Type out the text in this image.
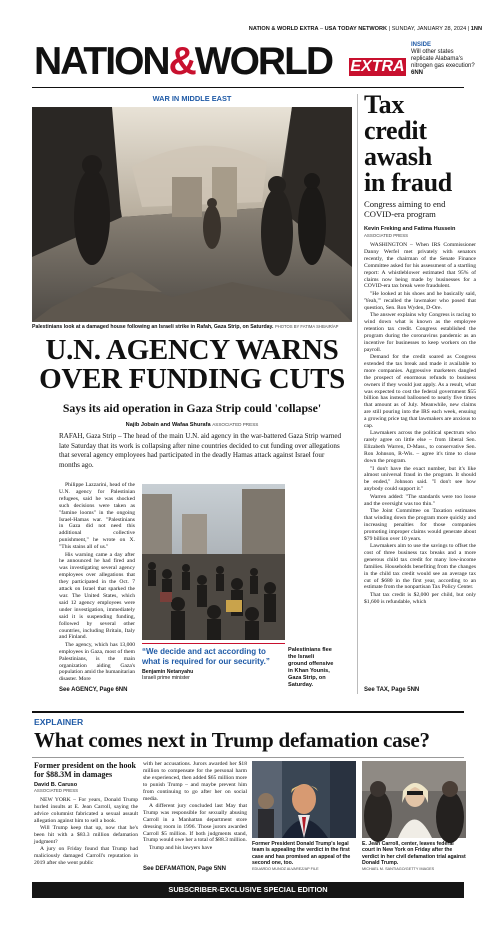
NATION & WORLD EXTRA – USA TODAY NETWORK | SUNDAY, JANUARY 28, 2024 | 1NN
NATION&WORLD EXTRA
INSIDE
Will other states replicate Alabama's nitrogen gas execution?
6NN
WAR IN MIDDLE EAST
Palestinians look at a damaged house following an Israeli strike in Rafah, Gaza Strip, on Saturday. PHOTOS BY FATIMA SHBAIR/AP
U.N. AGENCY WARNS
OVER FUNDING CUTS
Says its aid operation in Gaza Strip could 'collapse'
Najib Jobain and Wafaa Shurafa ASSOCIATED PRESS
RAFAH, Gaza Strip – The head of the main U.N. aid agency in the war-battered Gaza Strip warned late Saturday that its work is collapsing after nine countries decided to cut funding over allegations that several agency employees had participated in the deadly Hamas attack against Israel four months ago.

Philippe Lazzarini, head of the U.N. agency for Palestinian refugees, said he was shocked such decisions were taken as "famine looms" in the ongoing Israel-Hamas war. "Palestinians in Gaza did not need this additional collective punishment," he wrote on X. "This stains all of us."

His warning came a day after he announced he had fired and was investigating several agency employees over allegations that they participated in the Oct. 7 attack on Israel that sparked the war. The United States, which said 12 agency employees were under investigation, immediately said it is suspending funding, followed by several other countries, including Britain, Italy and Finland.

The agency, which has 13,000 employees in Gaza, most of them Palestinians, is the main organization aiding Gaza's population amid the humanitarian disaster. More

See AGENCY, Page 6NN
“We decide and act according to what is required for our security.”
Benjamin Netanyahu
Israeli prime minister
Palestinians flee the Israeli ground offensive in Khan Younis, Gaza Strip, on Saturday.
Tax
credit
awash
in fraud
Congress aiming to end COVID-era program
Kevin Freking and Fatima Hussein
ASSOCIATED PRESS

WASHINGTON – When IRS Commissioner Danny Werfel met privately with senators recently, the chairman of the Senate Finance Committee asked for his assessment of a startling report: A whistleblower estimated that 95% of claims now being made by businesses for a COVID-era tax break were fraudulent.

"He looked at his shoes and he basically said, 'Yeah,'" recalled the lawmaker who posed that question, Sen. Ron Wyden, D-Ore.

The answer explains why Congress is racing to wind down what is known as the employee retention tax credit. Congress established the program during the coronavirus pandemic as an incentive for businesses to keep workers on the payroll.

Demand for the credit soared as Congress extended the tax break and made it available to more companies. Aggressive marketers dangled the prospect of enormous refunds to business owners if they would just apply. As a result, what was expected to cost the federal government $55 billion has instead ballooned to nearly five times that amount as of July. Meanwhile, new claims are still pouring into the IRS each week, ensuing a growing price tag that lawmakers are anxious to cap.

Lawmakers across the political spectrum who rarely agree on little else – from liberal Sen. Elizabeth Warren, D-Mass., to conservative Sen. Ron Johnson, R-Wis. – agree it's time to close down the program.

"I don't have the exact number, but it's like almost universal fraud in the program. It should be ended," Johnson said. "I don't see how anybody could support it."

Warren added: "The standards were too loose and the oversight was too thin."

The Joint Committee on Taxation estimates that winding down the program more quickly and increasing penalties for those companies promoting improper claims would generate about $79 billion over 10 years.

Lawmakers aim to use the savings to offset the cost of three business tax breaks and a more generous child tax credit for many low-income families. Households benefiting from the changes in the child tax credit would see an average tax cut of $680 in the first year, according to an estimate from the nonpartisan Tax Policy Center.

That tax credit is $2,000 per child, but only $1,600 is refundable, which

See TAX, Page 5NN
EXPLAINER
What comes next in Trump defamation case?
Former president on the hook for $88.3M in damages
David B. Caruso
ASSOCIATED PRESS

NEW YORK – For years, Donald Trump hurled insults at E. Jean Carroll, saying the advice columnist fabricated a sexual assault allegation against him to sell a book.

Will Trump keep that up, now that he's been hit with a $83.3 million defamation judgment?

A jury on Friday found that Trump had maliciously damaged Carroll's reputation in 2019 after she went public

with her accusations. Jurors awarded her $18 million to compensate for the personal harm she experienced, then added $65 million more to punish Trump – and maybe prevent him from continuing to go after her on social media.

A different jury concluded last May that Trump was responsible for sexually abusing Carroll in a Manhattan department store dressing room in 1996. Those jurors awarded Carroll $5 million. If both judgments stand, Trump would owe her a total of $88.3 million.

Trump and his lawyers have

See DEFAMATION, Page 5NN
Former President Donald Trump's legal team is appealing the verdict in the first case and has promised an appeal of the second one, too.
EDUARDO MUNOZ ALVAREZ/AP FILE
E. Jean Carroll, center, leaves federal court in New York on Friday after the verdict in her civil defamation trial against Donald Trump.
MICHAEL M. SANTIAGO/GETTY IMAGES
SUBSCRIBER-EXCLUSIVE SPECIAL EDITION
